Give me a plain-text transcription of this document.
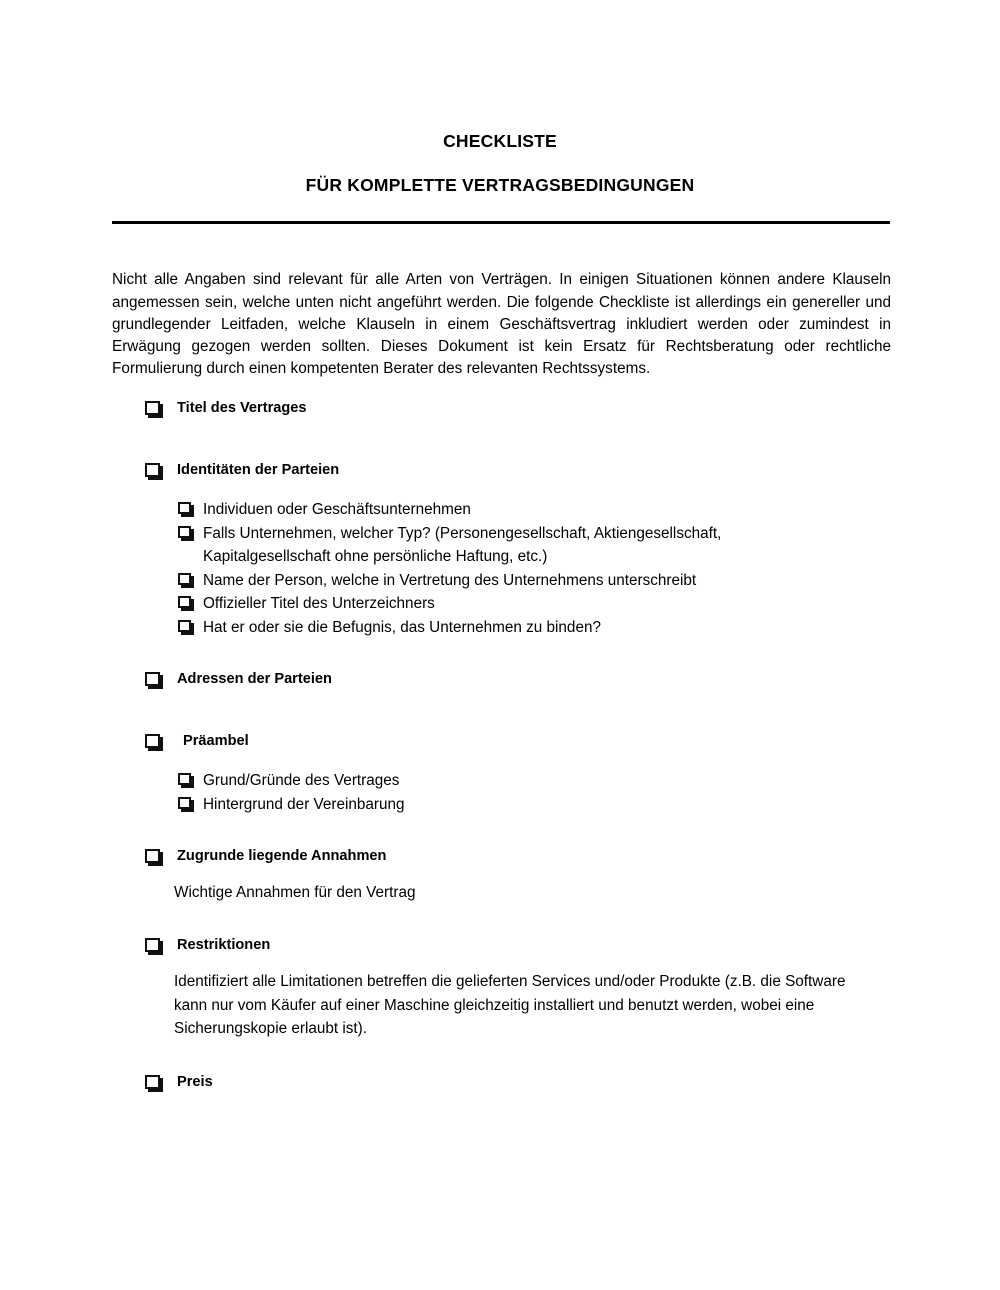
CHECKLISTE
FÜR KOMPLETTE VERTRAGSBEDINGUNGEN

Nicht alle Angaben sind relevant für alle Arten von Verträgen. In einigen Situationen können andere Klauseln angemessen sein, welche unten nicht angeführt werden. Die folgende Checkliste ist allerdings ein genereller und grundlegender Leitfaden, welche Klauseln in einem Geschäftsvertrag inkludiert werden oder zumindest in Erwägung gezogen werden sollten. Dieses Dokument ist kein Ersatz für Rechtsberatung oder rechtliche Formulierung durch einen kompetenten Berater des relevanten Rechtssystems.

Titel des Vertrages
Identitäten der Parteien
Individuen oder Geschäftsunternehmen
Falls Unternehmen, welcher Typ? (Personengesellschaft, Aktiengesellschaft, Kapitalgesellschaft ohne persönliche Haftung, etc.)
Name der Person, welche in Vertretung des Unternehmens unterschreibt
Offizieller Titel des Unterzeichners
Hat er oder sie die Befugnis, das Unternehmen zu binden?
Adressen der Parteien
Präambel
Grund/Gründe des Vertrages
Hintergrund der Vereinbarung
Zugrunde liegende Annahmen
Wichtige Annahmen für den Vertrag
Restriktionen
Identifiziert alle Limitationen betreffen die gelieferten Services und/oder Produkte (z.B. die Software kann nur vom Käufer auf einer Maschine gleichzeitig installiert und benutzt werden, wobei eine Sicherungskopie erlaubt ist).
Preis
